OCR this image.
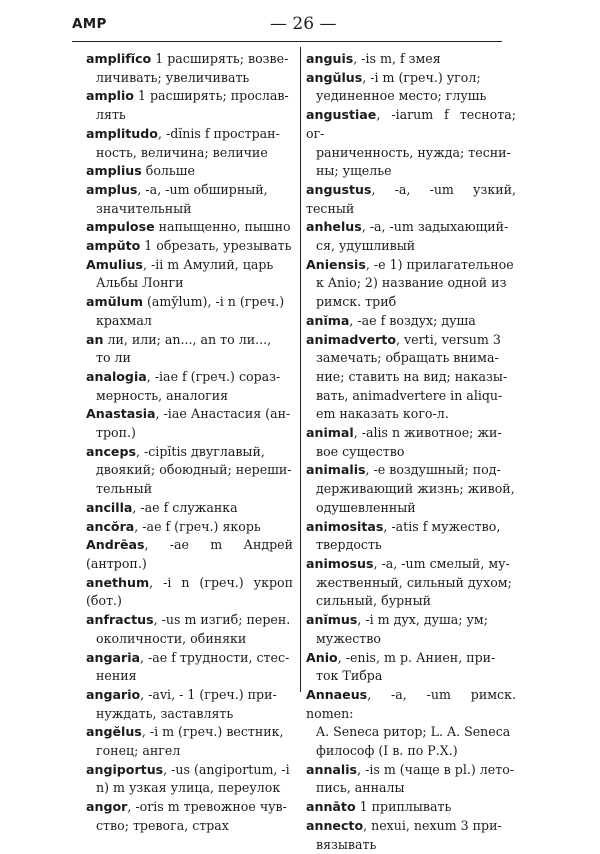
AMP	— 26 —
amplifĭco 1 расширять; возве-
личивать; увеличивать
amplio 1 расширять; прослав-
лять
amplitudo, -dĭnis f простран-
ность, величина; величие
amplius больше
amplus, -a, -um обширный,
значительный
ampulose напыщенно, пышно
ampŭto 1 обрезать, урезывать
Amulius, -ii m Амулий, царь
Альбы Лонги
amŭlum (amy̆lum), -i n (греч.)
крахмал
an ли, или; an..., an то ли...,
то ли
analogia, -iae f (греч.) сораз-
мерность, аналогия
Anastasia, -iae Анастасия (ан-
троп.)
anceps, -cipĭtis двуглавый,
двоякий; обоюдный; нереши-
тельный
ancilla, -ae f служанка
ancŏra, -ae f (греч.) якорь
Andrēas, -ae m Андрей (антроп.)
anethum, -i n (греч.) укроп (бот.)
anfractus, -us m изгиб; перен.
околичности, обиняки
angaria, -ae f трудности, стес-
нения
angario, -avi, - 1 (греч.) при-
нуждать, заставлять
angĕlus, -i m (греч.) вестник,
гонец; ангел
angiportus, -us (angiportum, -i
n) m узкая улица, переулок
angor, -oris m тревожное чув-
ство; тревога, страх
anguis, -is m, f змея
angŭlus, -i m (греч.) угол;
уединенное место; глушь
angustiae, -iarum f теснота; ог-
раниченность, нужда; тесни-
ны; ущелье
angustus, -a, -um узкий, тесный
anhelus, -a, -um задыхающий-
ся, удушливый
Aniensis, -e 1) прилагательное
к Anio; 2) название одной из
римск. триб
anĭma, -ae f воздух; душа
animadverto, verti, versum 3
замечать; обращать внима-
ние; ставить на вид; наказы-
вать, animadvertere in aliqu-
em наказать кого-л.
animal, -alis n животное; жи-
вое существо
animalis, -e воздушный; под-
держивающий жизнь; живой,
одушевленный
animositas, -atis f мужество,
твердость
animosus, -a, -um смелый, му-
жественный, сильный духом;
сильный, бурный
anĭmus, -i m дух, душа; ум;
мужество
Anio, -enis, m р. Аниен, при-
ток Тибра
Annaeus, -a, -um римск. nomen:
A. Seneca ритор; L. A. Seneca
философ (I в. по Р.Х.)
annalis, -is m (чаще в pl.) лето-
пись, анналы
annāto 1 приплывать
annecto, nexui, nexum 3 при-
вязывать
